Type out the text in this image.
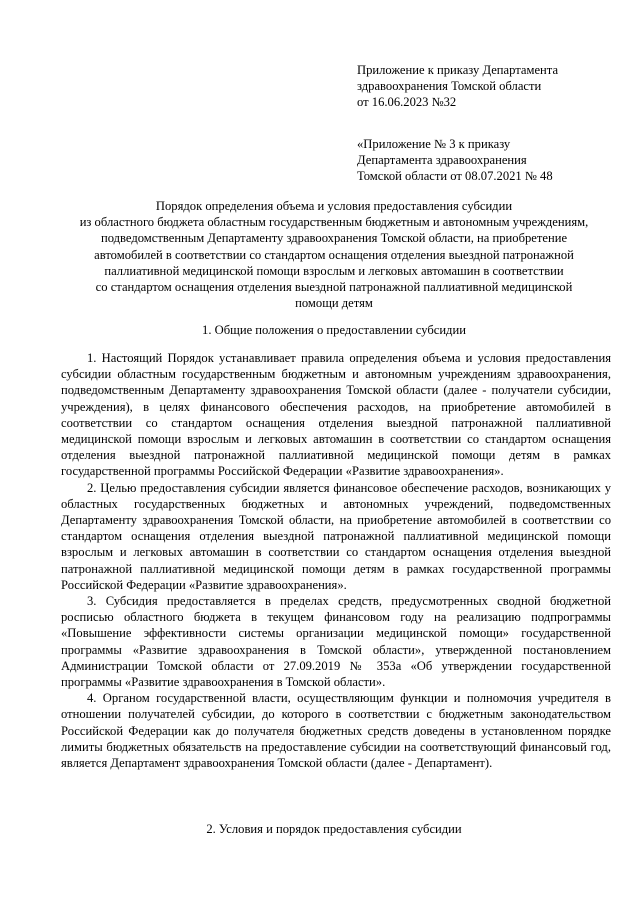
Приложение к приказу Департамента
здравоохранения Томской области
от 16.06.2023 №32
«Приложение № 3 к приказу
Департамента здравоохранения
Томской области от 08.07.2021 № 48
Порядок определения объема и условия предоставления субсидии
из областного бюджета областным государственным бюджетным и автономным учреждениям,
подведомственным Департаменту здравоохранения Томской области, на приобретение
автомобилей в соответствии со стандартом оснащения отделения выездной патронажной
паллиативной медицинской помощи взрослым и легковых автомашин в соответствии
со стандартом оснащения отделения выездной патронажной паллиативной медицинской
помощи детям
1. Общие положения о предоставлении субсидии

1. Настоящий Порядок устанавливает правила определения объема и условия предоставления субсидии областным государственным бюджетным и автономным учреждениям здравоохранения, подведомственным Департаменту здравоохранения Томской области (далее - получатели субсидии, учреждения), в целях финансового обеспечения расходов, на приобретение автомобилей в соответствии со стандартом оснащения отделения выездной патронажной паллиативной медицинской помощи взрослым и легковых автомашин в соответствии со стандартом оснащения отделения выездной патронажной паллиативной медицинской помощи детям в рамках государственной программы Российской Федерации «Развитие здравоохранения».

2. Целью предоставления субсидии является финансовое обеспечение расходов, возникающих у областных государственных бюджетных и автономных учреждений, подведомственных Департаменту здравоохранения Томской области, на приобретение автомобилей в соответствии со стандартом оснащения отделения выездной патронажной паллиативной медицинской помощи взрослым и легковых автомашин в соответствии со стандартом оснащения отделения выездной патронажной паллиативной медицинской помощи детям в рамках государственной программы Российской Федерации «Развитие здравоохранения».

3. Субсидия предоставляется в пределах средств, предусмотренных сводной бюджетной росписью областного бюджета в текущем финансовом году на реализацию подпрограммы «Повышение эффективности системы организации медицинской помощи» государственной программы «Развитие здравоохранения в Томской области», утвержденной постановлением Администрации Томской области от 27.09.2019 № 353а «Об утверждении государственной программы «Развитие здравоохранения в Томской области».

4. Органом государственной власти, осуществляющим функции и полномочия учредителя в отношении получателей субсидии, до которого в соответствии с бюджетным законодательством Российской Федерации как до получателя бюджетных средств доведены в установленном порядке лимиты бюджетных обязательств на предоставление субсидии на соответствующий финансовый год, является Департамент здравоохранения Томской области (далее - Департамент).

2. Условия и порядок предоставления субсидии
